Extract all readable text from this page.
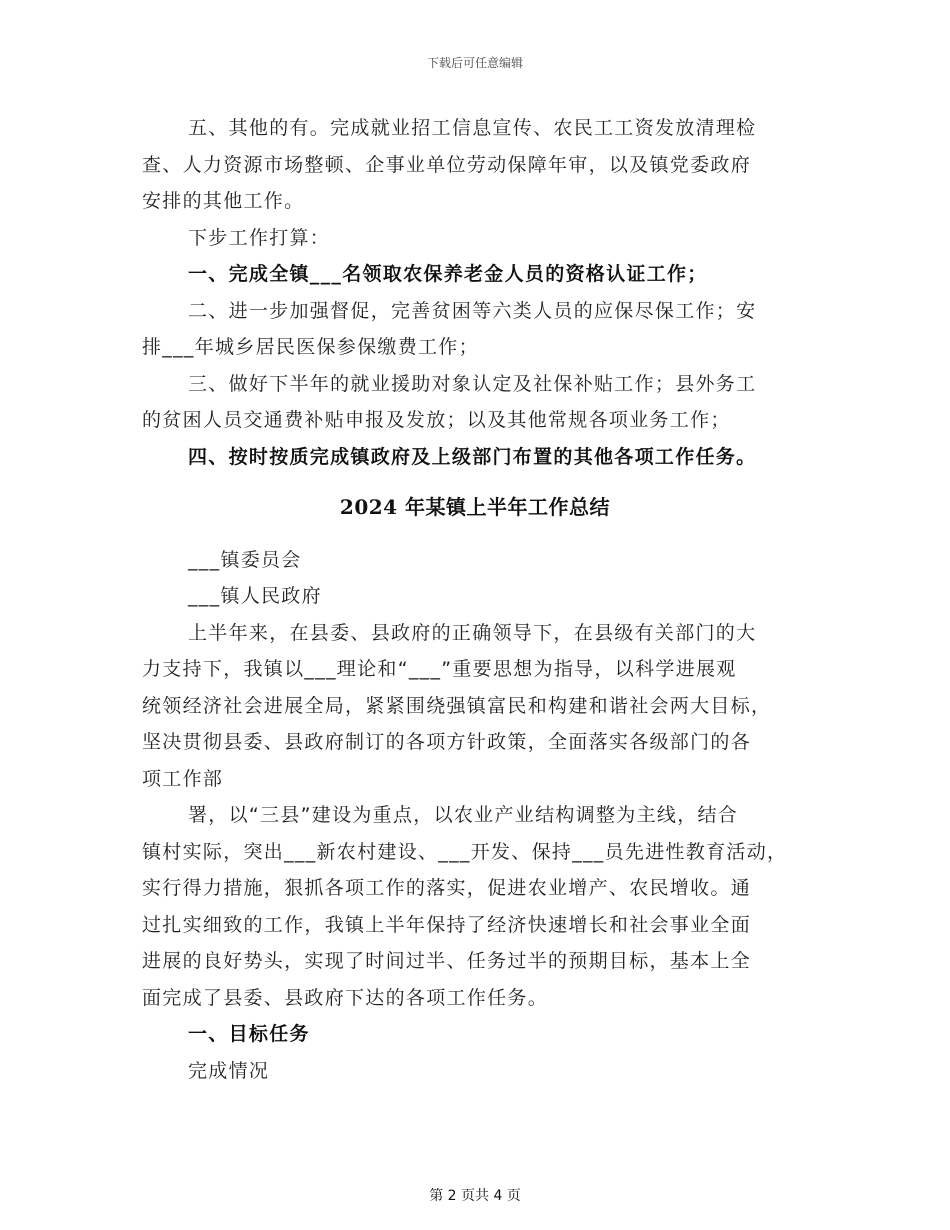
下载后可任意编辑

五、其他的有。完成就业招工信息宣传、农民工工资发放清理检
查、人力资源市场整顿、企事业单位劳动保障年审，以及镇党委政府
安排的其他工作。

下步工作打算：

一、完成全镇___名领取农保养老金人员的资格认证工作；

二、进一步加强督促，完善贫困等六类人员的应保尽保工作；安
排___年城乡居民医保参保缴费工作；

三、做好下半年的就业援助对象认定及社保补贴工作；县外务工
的贫困人员交通费补贴申报及发放；以及其他常规各项业务工作；

四、按时按质完成镇政府及上级部门布置的其他各项工作任务。

2024 年某镇上半年工作总结

___镇委员会

___镇人民政府

上半年来，在县委、县政府的正确领导下，在县级有关部门的大
力支持下，我镇以___理论和“___”重要思想为指导，以科学进展观
统领经济社会进展全局，紧紧围绕强镇富民和构建和谐社会两大目标，
坚决贯彻县委、县政府制订的各项方针政策，全面落实各级部门的各
项工作部

署，以“三县”建设为重点，以农业产业结构调整为主线，结合
镇村实际，突出___新农村建设、___开发、保持___员先进性教育活动，
实行得力措施，狠抓各项工作的落实，促进农业增产、农民增收。通
过扎实细致的工作，我镇上半年保持了经济快速增长和社会事业全面
进展的良好势头，实现了时间过半、任务过半的预期目标，基本上全
面完成了县委、县政府下达的各项工作任务。

一、目标任务

完成情况

第 2 页共 4 页
